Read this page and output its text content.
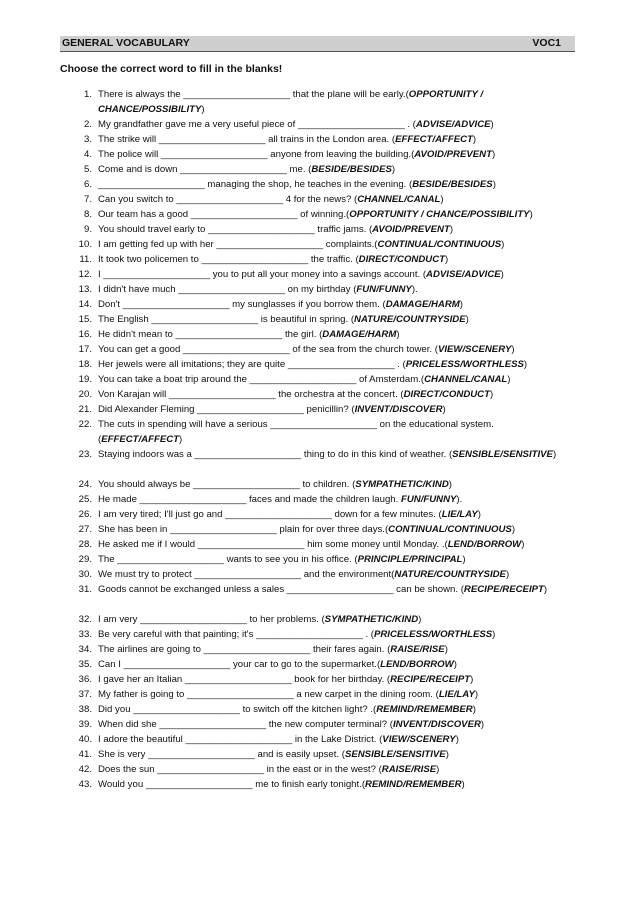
GENERAL VOCABULARY	VOC1
Choose the correct word to fill in the blanks!
1. There is always the ____________________ that the plane will be early.(OPPORTUNITY / CHANCE/POSSIBILITY)
2. My grandfather gave me a very useful piece of ____________________ . (ADVISE/ADVICE)
3. The strike will ____________________ all trains in the London area. (EFFECT/AFFECT)
4. The police will ____________________ anyone from leaving the building.(AVOID/PREVENT)
5. Come and is down ____________________ me. (BESIDE/BESIDES)
6. ____________________ managing the shop, he teaches in the evening. (BESIDE/BESIDES)
7. Can you switch to ____________________ 4 for the news? (CHANNEL/CANAL)
8. Our team has a good ____________________ of winning.(OPPORTUNITY / CHANCE/POSSIBILITY)
9. You should travel early to ____________________ traffic jams. (AVOID/PREVENT)
10. I am getting fed up with her ____________________ complaints.(CONTINUAL/CONTINUOUS)
11. It took two policemen to ____________________ the traffic. (DIRECT/CONDUCT)
12. I ____________________ you to put all your money into a savings account. (ADVISE/ADVICE)
13. I didn't have much ____________________ on my birthday (FUN/FUNNY).
14. Don't ____________________ my sunglasses if you borrow them. (DAMAGE/HARM)
15. The English ____________________ is beautiful in spring. (NATURE/COUNTRYSIDE)
16. He didn't mean to ____________________ the girl. (DAMAGE/HARM)
17. You can get a good ____________________ of the sea from the church tower. (VIEW/SCENERY)
18. Her jewels were all imitations; they are quite ____________________ . (PRICELESS/WORTHLESS)
19. You can take a boat trip around the ____________________ of Amsterdam.(CHANNEL/CANAL)
20. Von Karajan will ____________________ the orchestra at the concert. (DIRECT/CONDUCT)
21. Did Alexander Fleming ____________________ penicillin? (INVENT/DISCOVER)
22. The cuts in spending will have a serious ____________________ on the educational system. (EFFECT/AFFECT)
23. Staying indoors was a ____________________ thing to do in this kind of weather. (SENSIBLE/SENSITIVE)
24. You should always be ____________________ to children. (SYMPATHETIC/KIND)
25. He made ____________________ faces and made the children laugh. FUN/FUNNY).
26. I am very tired; I'll just go and ____________________ down for a few minutes. (LIE/LAY)
27. She has been in ____________________ plain for over three days.(CONTINUAL/CONTINUOUS)
28. He asked me if I would ____________________ him some money until Monday. .(LEND/BORROW)
29. The ____________________ wants to see you in his office. (PRINCIPLE/PRINCIPAL)
30. We must try to protect ____________________ and the environment(NATURE/COUNTRYSIDE)
31. Goods cannot be exchanged unless a sales ____________________ can be shown. (RECIPE/RECEIPT)
32. I am very ____________________ to her problems. (SYMPATHETIC/KIND)
33. Be very careful with that painting; it's ____________________ . (PRICELESS/WORTHLESS)
34. The airlines are going to ____________________ their fares again. (RAISE/RISE)
35. Can I ____________________ your car to go to the supermarket.(LEND/BORROW)
36. I gave her an Italian ____________________ book for her birthday. (RECIPE/RECEIPT)
37. My father is going to ____________________ a new carpet in the dining room. (LIE/LAY)
38. Did you ____________________ to switch off the kitchen light? .(REMIND/REMEMBER)
39. When did she ____________________ the new computer terminal? (INVENT/DISCOVER)
40. I adore the beautiful ____________________ in the Lake District. (VIEW/SCENERY)
41. She is very ____________________ and is easily upset. (SENSIBLE/SENSITIVE)
42. Does the sun ____________________ in the east or in the west? (RAISE/RISE)
43. Would you ____________________ me to finish early tonight.(REMIND/REMEMBER)
